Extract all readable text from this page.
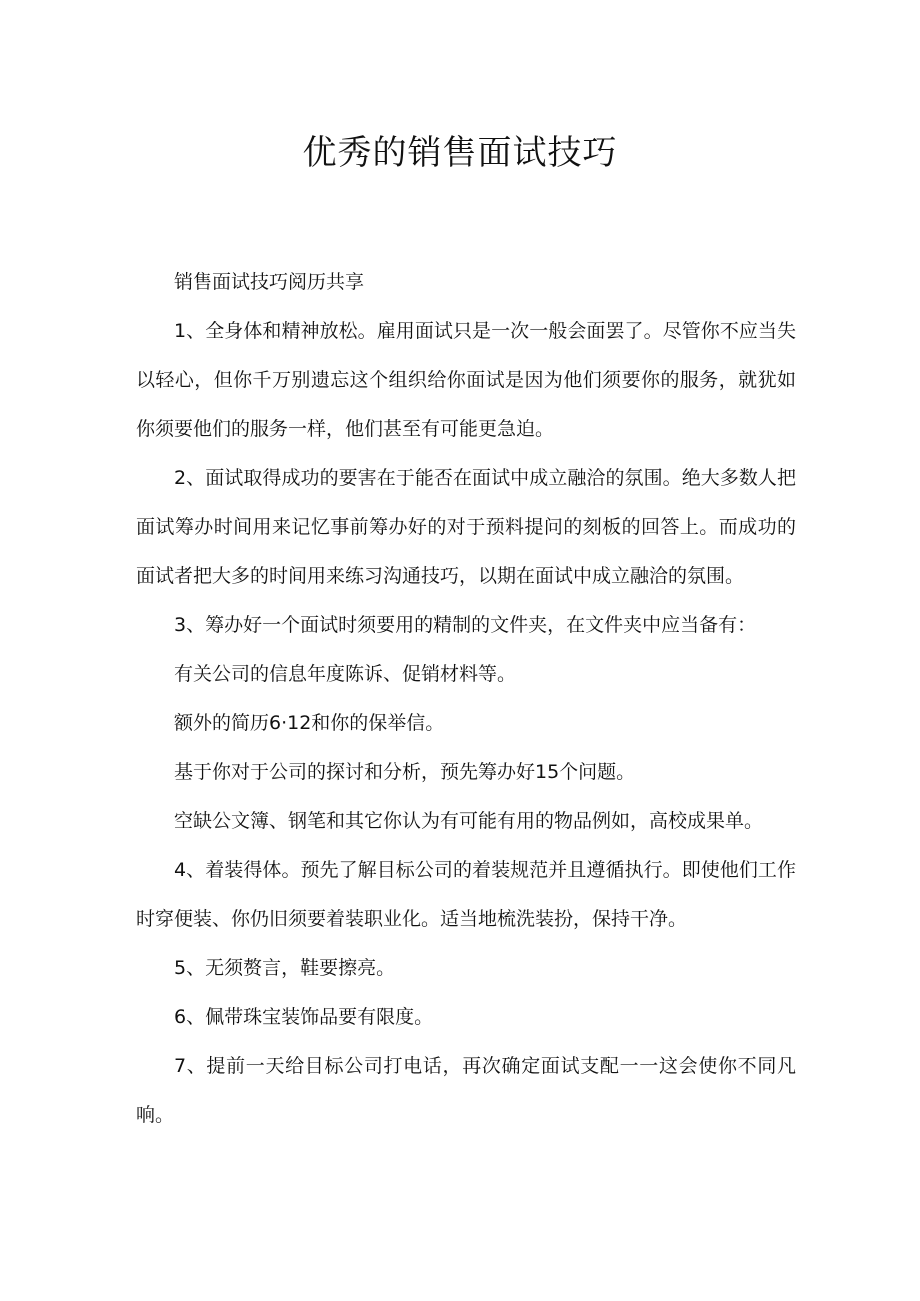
优秀的销售面试技巧

销售面试技巧阅历共享

1、全身体和精神放松。雇用面试只是一次一般会面罢了。尽管你不应当失以轻心，但你千万别遗忘这个组织给你面试是因为他们须要你的服务，就犹如你须要他们的服务一样，他们甚至有可能更急迫。

2、面试取得成功的要害在于能否在面试中成立融洽的氛围。绝大多数人把面试筹办时间用来记忆事前筹办好的对于预料提问的刻板的回答上。而成功的面试者把大多的时间用来练习沟通技巧，以期在面试中成立融洽的氛围。

3、筹办好一个面试时须要用的精制的文件夹，在文件夹中应当备有：

有关公司的信息年度陈诉、促销材料等。

额外的简历6·12和你的保举信。

基于你对于公司的探讨和分析，预先筹办好15个问题。

空缺公文簿、钢笔和其它你认为有可能有用的物品例如，高校成果单。

4、着装得体。预先了解目标公司的着装规范并且遵循执行。即使他们工作时穿便装、你仍旧须要着装职业化。适当地梳洗装扮，保持干净。

5、无须赘言，鞋要擦亮。

6、佩带珠宝装饰品要有限度。

7、提前一天给目标公司打电话，再次确定面试支配一一这会使你不同凡响。
